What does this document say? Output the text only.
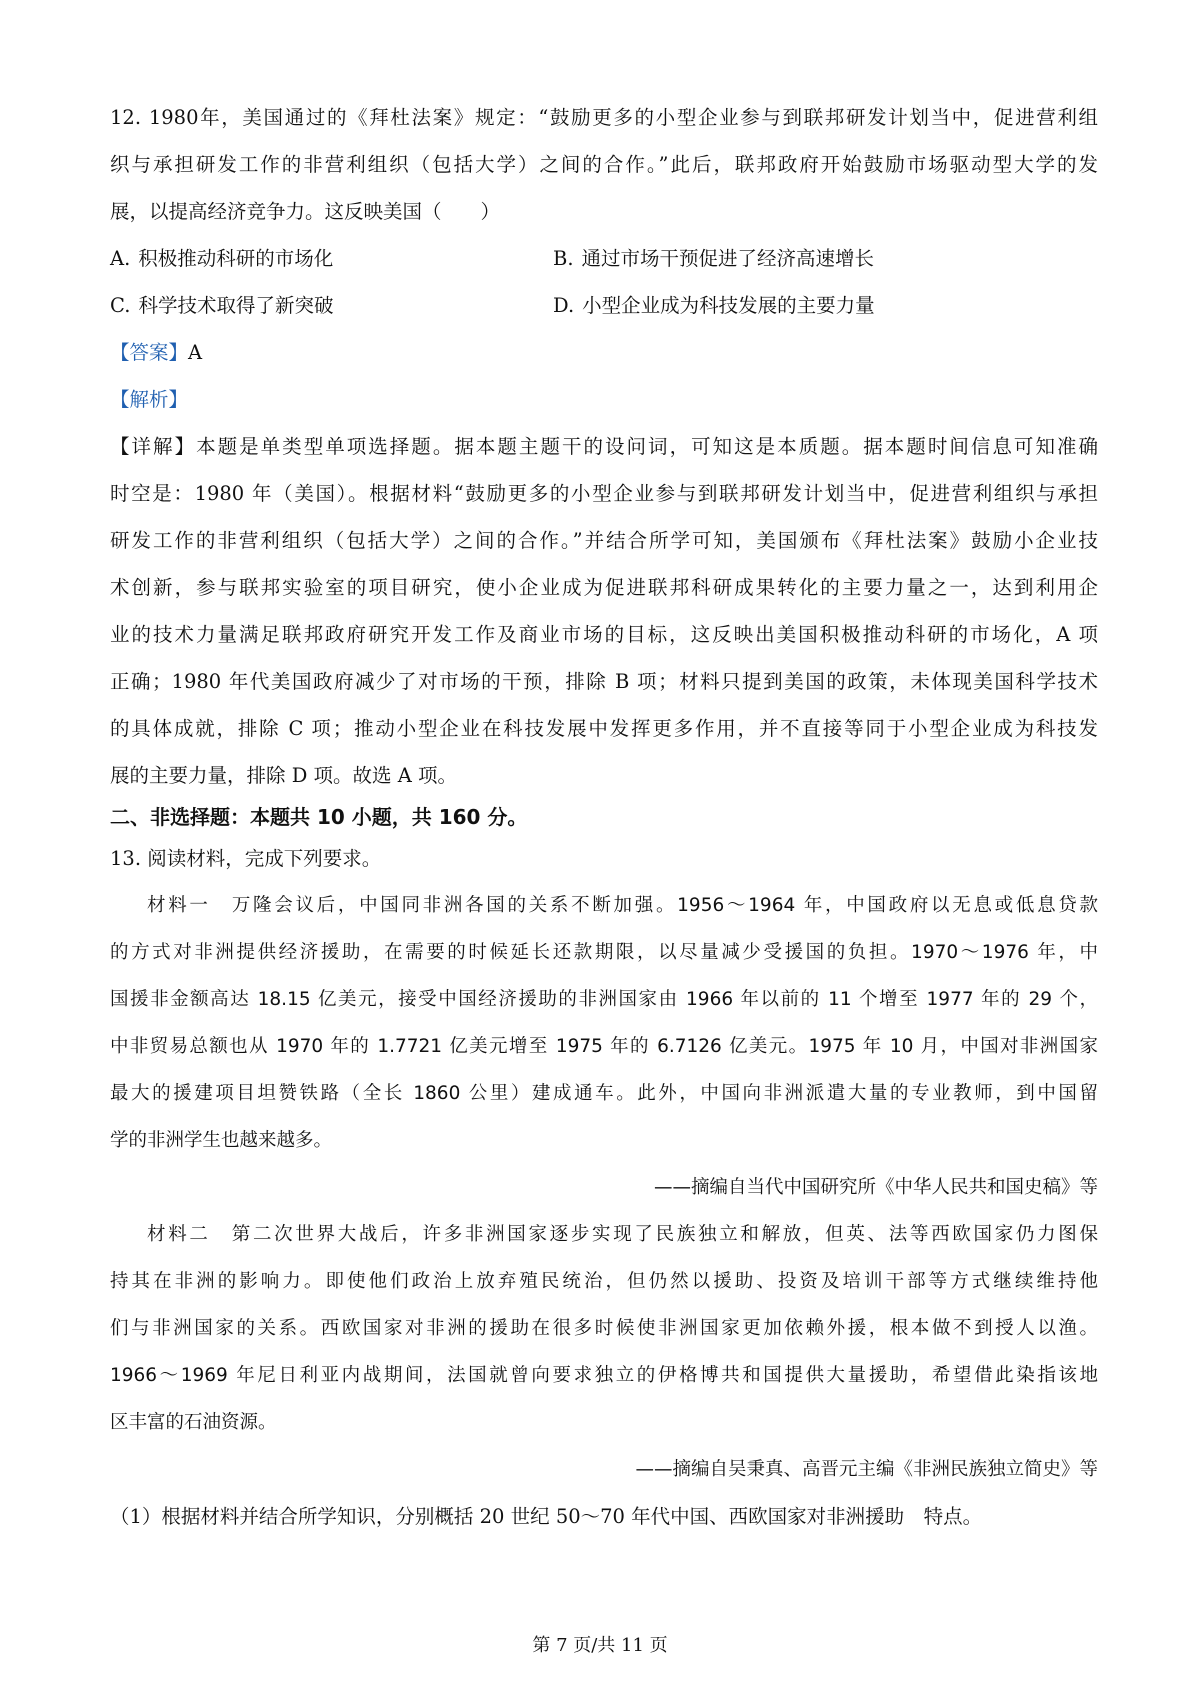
12. 1980年，美国通过的《拜杜法案》规定：“鼓励更多的小型企业参与到联邦研发计划当中，促进营利组

织与承担研发工作的非营利组织（包括大学）之间的合作。”此后，联邦政府开始鼓励市场驱动型大学的发

展，以提高经济竞争力。这反映美国（　　）

A. 积极推动科研的市场化	B. 通过市场干预促进了经济高速增长
C. 科学技术取得了新突破	D. 小型企业成为科技发展的主要力量

【答案】A

【解析】

【详解】本题是单类型单项选择题。据本题主题干的设问词，可知这是本质题。据本题时间信息可知准确

时空是：1980 年（美国）。根据材料“鼓励更多的小型企业参与到联邦研发计划当中，促进营利组织与承担

研发工作的非营利组织（包括大学）之间的合作。”并结合所学可知，美国颁布《拜杜法案》鼓励小企业技

术创新，参与联邦实验室的项目研究，使小企业成为促进联邦科研成果转化的主要力量之一，达到利用企

业的技术力量满足联邦政府研究开发工作及商业市场的目标，这反映出美国积极推动科研的市场化，A 项

正确；1980 年代美国政府减少了对市场的干预，排除 B 项；材料只提到美国的政策，未体现美国科学技术

的具体成就，排除 C 项；推动小型企业在科技发展中发挥更多作用，并不直接等同于小型企业成为科技发

展的主要力量，排除 D 项。故选 A 项。

二、非选择题：本题共 10 小题，共 160 分。

13. 阅读材料，完成下列要求。

材料一　万隆会议后，中国同非洲各国的关系不断加强。1956～1964 年，中国政府以无息或低息贷款

的方式对非洲提供经济援助，在需要的时候延长还款期限，以尽量减少受援国的负担。1970～1976 年，中

国援非金额高达 18.15 亿美元，接受中国经济援助的非洲国家由 1966 年以前的 11 个增至 1977 年的 29 个，

中非贸易总额也从 1970 年的 1.7721 亿美元增至 1975 年的 6.7126 亿美元。1975 年 10 月，中国对非洲国家

最大的援建项目坦赞铁路（全长 1860 公里）建成通车。此外，中国向非洲派遣大量的专业教师，到中国留

学的非洲学生也越来越多。

——摘编自当代中国研究所《中华人民共和国史稿》等

材料二　第二次世界大战后，许多非洲国家逐步实现了民族独立和解放，但英、法等西欧国家仍力图保

持其在非洲的影响力。即使他们政治上放弃殖民统治，但仍然以援助、投资及培训干部等方式继续维持他

们与非洲国家的关系。西欧国家对非洲的援助在很多时候使非洲国家更加依赖外援，根本做不到授人以渔。

1966～1969 年尼日利亚内战期间，法国就曾向要求独立的伊格博共和国提供大量援助，希望借此染指该地

区丰富的石油资源。

——摘编自吴秉真、高晋元主编《非洲民族独立简史》等

（1）根据材料并结合所学知识，分别概括 20 世纪 50～70 年代中国、西欧国家对非洲援助　特点。

第 7 页/共 11 页
